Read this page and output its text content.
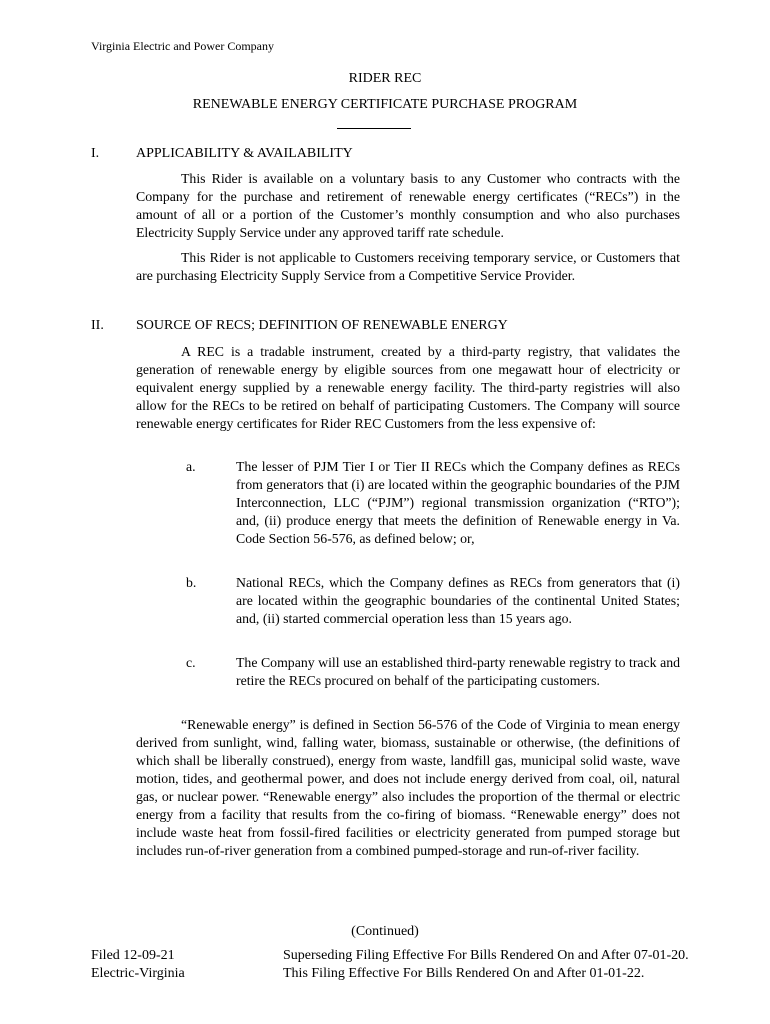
Virginia Electric and Power Company
RIDER REC
RENEWABLE ENERGY CERTIFICATE PURCHASE PROGRAM
I.	APPLICABILITY & AVAILABILITY

This Rider is available on a voluntary basis to any Customer who contracts with the Company for the purchase and retirement of renewable energy certificates (“RECs”) in the amount of all or a portion of the Customer’s monthly consumption and who also purchases Electricity Supply Service under any approved tariff rate schedule.

This Rider is not applicable to Customers receiving temporary service, or Customers that are purchasing Electricity Supply Service from a Competitive Service Provider.

II. SOURCE OF RECS; DEFINITION OF RENEWABLE ENERGY

A REC is a tradable instrument, created by a third-party registry, that validates the generation of renewable energy by eligible sources from one megawatt hour of electricity or equivalent energy supplied by a renewable energy facility. The third-party registries will also allow for the RECs to be retired on behalf of participating Customers. The Company will source renewable energy certificates for Rider REC Customers from the less expensive of:

a.	The lesser of PJM Tier I or Tier II RECs which the Company defines as RECs from generators that (i) are located within the geographic boundaries of the PJM Interconnection, LLC (“PJM”) regional transmission organization (“RTO”); and, (ii) produce energy that meets the definition of Renewable energy in Va. Code Section 56-576, as defined below; or,

b.	National RECs, which the Company defines as RECs from generators that (i) are located within the geographic boundaries of the continental United States; and, (ii) started commercial operation less than 15 years ago.

c.	The Company will use an established third-party renewable registry to track and retire the RECs procured on behalf of the participating customers.

“Renewable energy” is defined in Section 56-576 of the Code of Virginia to mean energy derived from sunlight, wind, falling water, biomass, sustainable or otherwise, (the definitions of which shall be liberally construed), energy from waste, landfill gas, municipal solid waste, wave motion, tides, and geothermal power, and does not include energy derived from coal, oil, natural gas, or nuclear power. “Renewable energy” also includes the proportion of the thermal or electric energy from a facility that results from the co-firing of biomass. “Renewable energy” does not include waste heat from fossil-fired facilities or electricity generated from pumped storage but includes run-of-river generation from a combined pumped-storage and run-of-river facility.

(Continued)
Filed 12-09-21
Electric-Virginia
Superseding Filing Effective For Bills Rendered On and After 07-01-20.
This Filing Effective For Bills Rendered On and After 01-01-22.
